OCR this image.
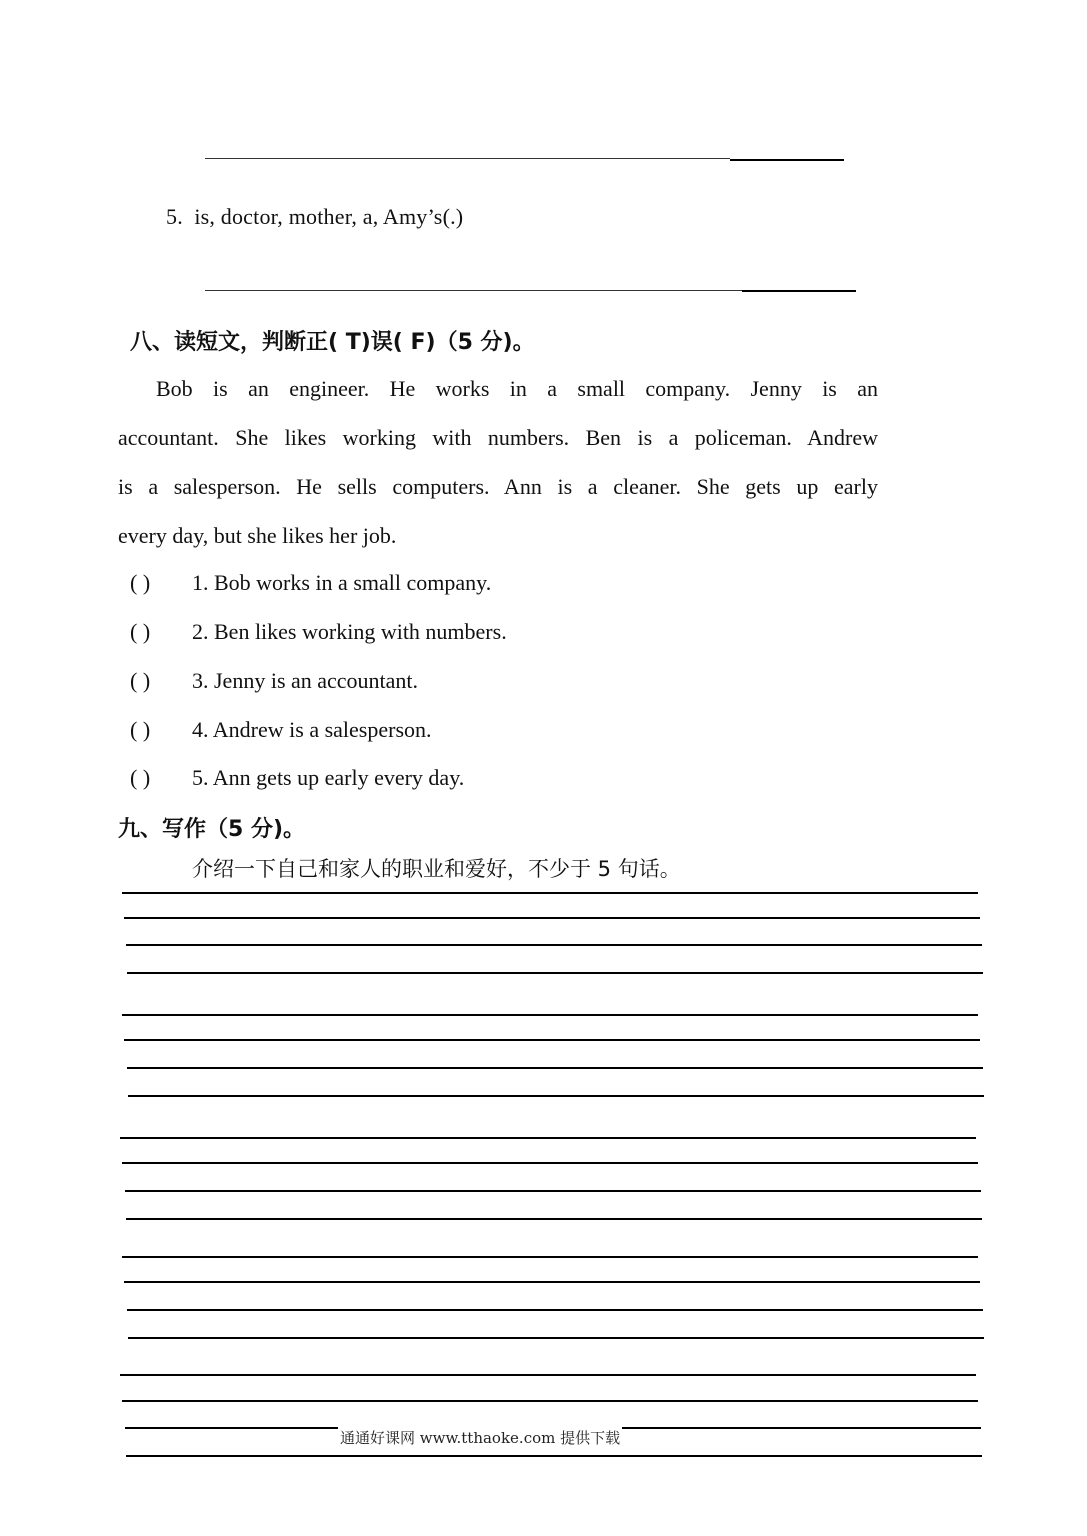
5. is, doctor, mother, a, Amy’s(.)
八、读短文，判断正( T)误( F)（5 分)。
Bob is an engineer. He works in a small company. Jenny is an
accountant. She likes working with numbers. Ben is a policeman. Andrew
is a salesperson. He sells computers. Ann is a cleaner. She gets up early
every day, but she likes her job.
( ) 1. Bob works in a small company.
( ) 2. Ben likes working with numbers.
( ) 3. Jenny is an accountant.
( ) 4. Andrew is a salesperson.
( ) 5. Ann gets up early every day.
九、写作（5 分)。
介绍一下自己和家人的职业和爱好，不少于 5 句话。
通通好课网 www.tthaoke.com 提供下载
